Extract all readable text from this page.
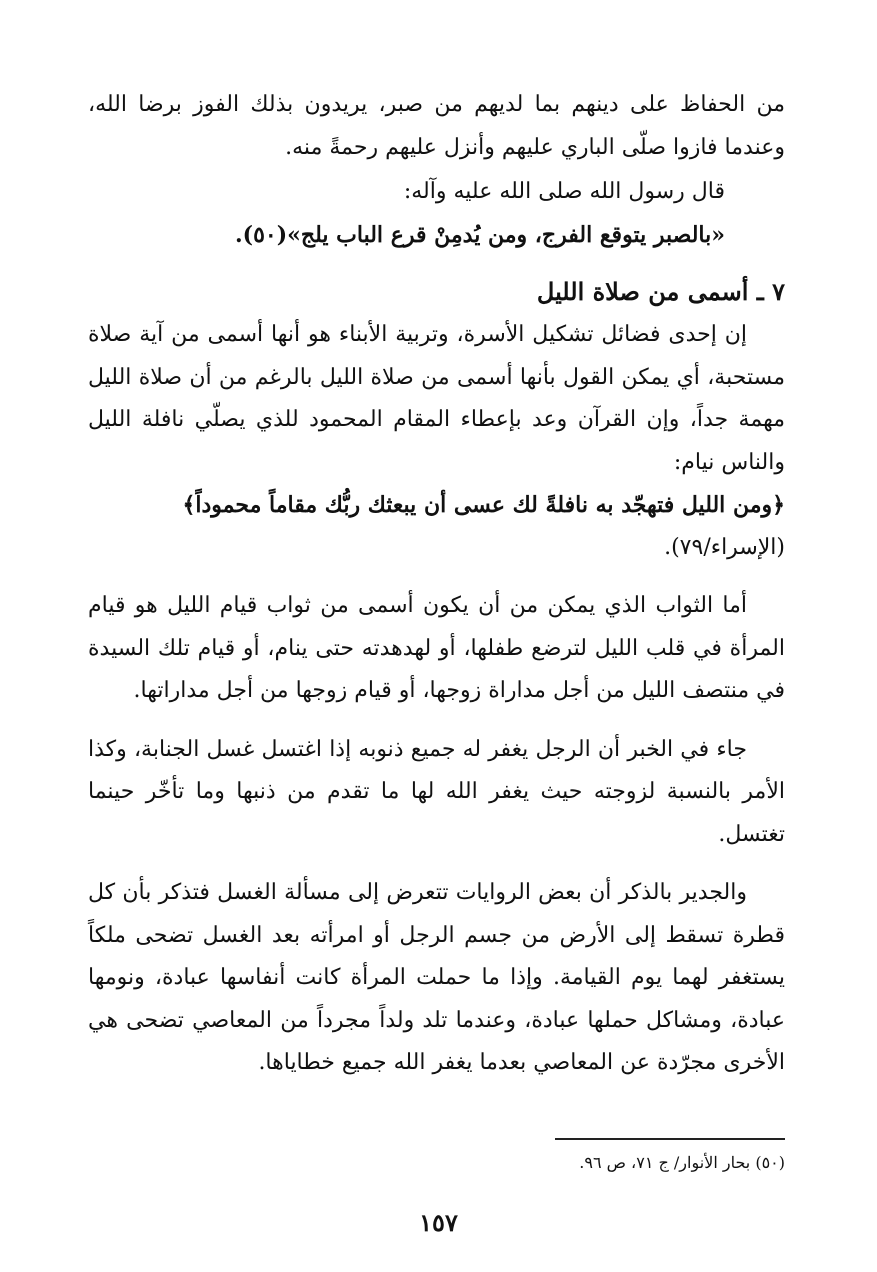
من الحفاظ على دينهم بما لديهم من صبر، يريدون بذلك الفوز برضا الله، وعندما فازوا صلّى الباري عليهم وأنزل عليهم رحمةً منه.

قال رسول الله صلى الله عليه وآله:

«بالصبر يتوقع الفرج، ومن يُدمِنْ قرع الباب يلج»(٥٠).

٧ ـ أسمى من صلاة الليل

إن إحدى فضائل تشكيل الأسرة، وتربية الأبناء هو أنها أسمى من آية صلاة مستحبة، أي يمكن القول بأنها أسمى من صلاة الليل بالرغم من أن صلاة الليل مهمة جداً، وإن القرآن وعد بإعطاء المقام المحمود للذي يصلّي نافلة الليل والناس نيام:

﴿ومن الليل فتهجّد به نافلةً لك عسى أن يبعثك ربُّك مقاماً محموداً﴾

(الإسراء/٧٩).

أما الثواب الذي يمكن من أن يكون أسمى من ثواب قيام الليل هو قيام المرأة في قلب الليل لترضع طفلها، أو لهدهدته حتى ينام، أو قيام تلك السيدة في منتصف الليل من أجل مداراة زوجها، أو قيام زوجها من أجل مداراتها.

جاء في الخبر أن الرجل يغفر له جميع ذنوبه إذا اغتسل غسل الجنابة، وكذا الأمر بالنسبة لزوجته حيث يغفر الله لها ما تقدم من ذنبها وما تأخّر حينما تغتسل.

والجدير بالذكر أن بعض الروايات تتعرض إلى مسألة الغسل فتذكر بأن كل قطرة تسقط إلى الأرض من جسم الرجل أو امرأته بعد الغسل تضحى ملكاً يستغفر لهما يوم القيامة. وإذا ما حملت المرأة كانت أنفاسها عبادة، ونومها عبادة، ومشاكل حملها عبادة، وعندما تلد ولداً مجرداً من المعاصي تضحى هي الأخرى مجرّدة عن المعاصي بعدما يغفر الله جميع خطاياها.

(٥٠) بحار الأنوار/ ج ٧١، ص ٩٦.

١٥٧
